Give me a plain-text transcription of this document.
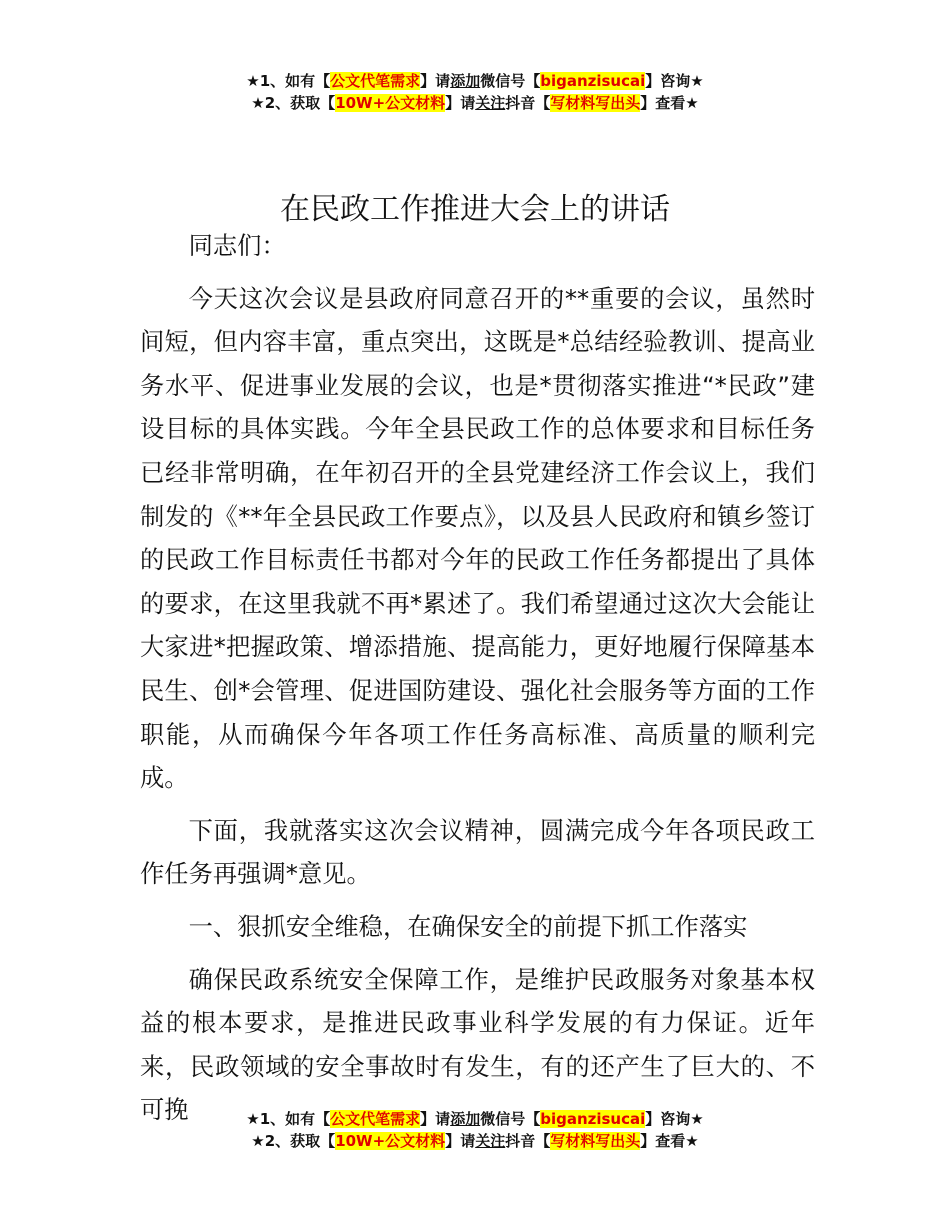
★1、如有【公文代笔需求】请添加微信号【biganzisucai】咨询★
★2、获取【10W+公文材料】请关注抖音【写材料写出头】查看★
在民政工作推进大会上的讲话

同志们：

今天这次会议是县政府同意召开的**重要的会议，虽然时间短，但内容丰富，重点突出，这既是*总结经验教训、提高业务水平、促进事业发展的会议，也是*贯彻落实推进“*民政”建设目标的具体实践。今年全县民政工作的总体要求和目标任务已经非常明确，在年初召开的全县党建经济工作会议上，我们制发的《**年全县民政工作要点》，以及县人民政府和镇乡签订的民政工作目标责任书都对今年的民政工作任务都提出了具体的要求，在这里我就不再*累述了。我们希望通过这次大会能让大家进*把握政策、增添措施、提高能力，更好地履行保障基本民生、创*会管理、促进国防建设、强化社会服务等方面的工作职能，从而确保今年各项工作任务高标准、高质量的顺利完成。

下面，我就落实这次会议精神，圆满完成今年各项民政工作任务再强调*意见。

一、狠抓安全维稳，在确保安全的前提下抓工作落实

确保民政系统安全保障工作，是维护民政服务对象基本权益的根本要求，是推进民政事业科学发展的有力保证。近年来，民政领域的安全事故时有发生，有的还产生了巨大的、不可挽	★1、如有【公文代笔需求】请添加微信号【biganzisucai】咨询★
★2、获取【10W+公文材料】请关注抖音【写材料写出头】查看★
